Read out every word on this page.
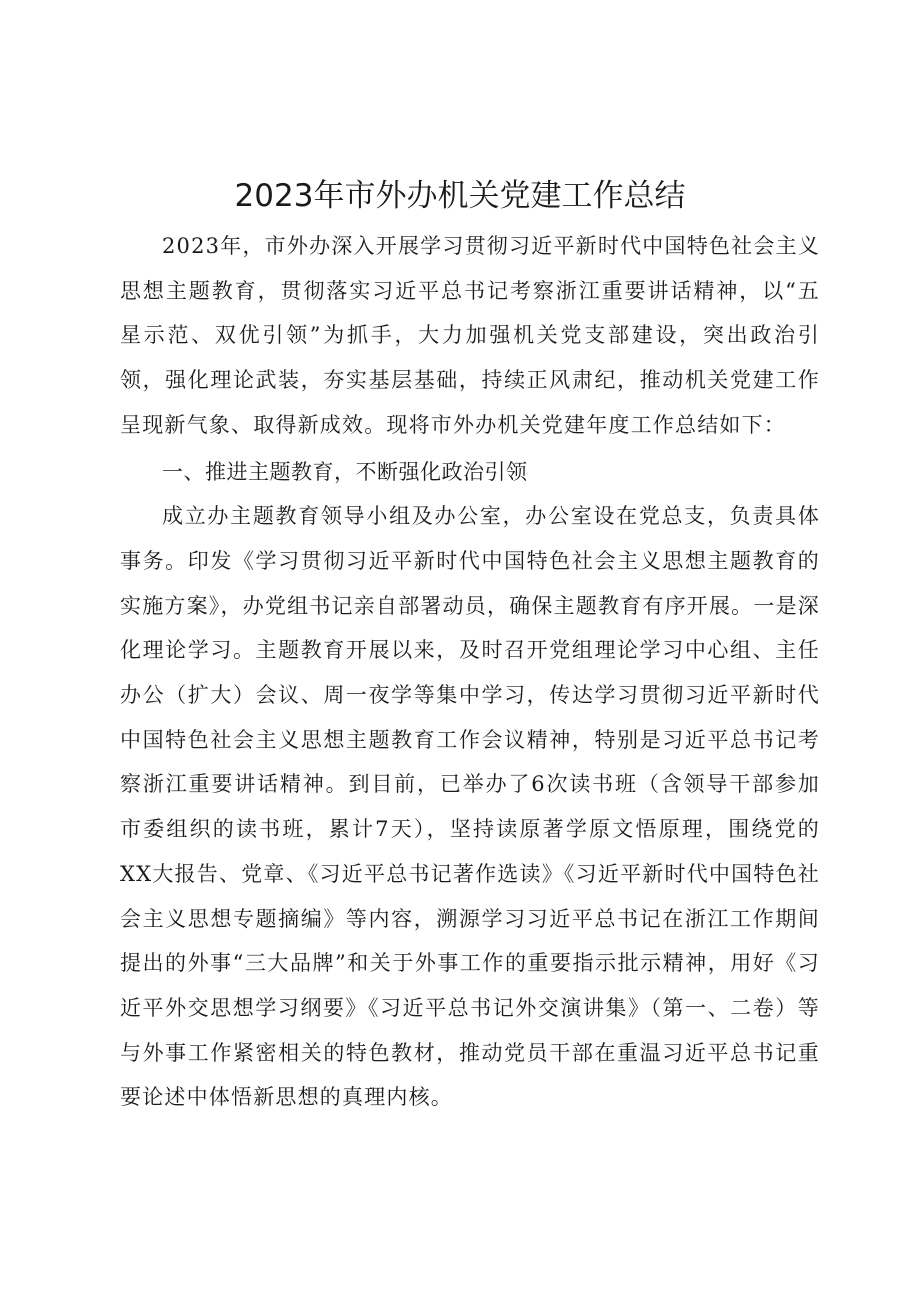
2023年市外办机关党建工作总结

2023年，市外办深入开展学习贯彻习近平新时代中国特色社会主义思想主题教育，贯彻落实习近平总书记考察浙江重要讲话精神，以“五星示范、双优引领”为抓手，大力加强机关党支部建设，突出政治引领，强化理论武装，夯实基层基础，持续正风肃纪，推动机关党建工作呈现新气象、取得新成效。现将市外办机关党建年度工作总结如下：

一、推进主题教育，不断强化政治引领

成立办主题教育领导小组及办公室，办公室设在党总支，负责具体事务。印发《学习贯彻习近平新时代中国特色社会主义思想主题教育的实施方案》，办党组书记亲自部署动员，确保主题教育有序开展。一是深化理论学习。主题教育开展以来，及时召开党组理论学习中心组、主任办公（扩大）会议、周一夜学等集中学习，传达学习贯彻习近平新时代中国特色社会主义思想主题教育工作会议精神，特别是习近平总书记考察浙江重要讲话精神。到目前，已举办了6次读书班（含领导干部参加市委组织的读书班，累计7天），坚持读原著学原文悟原理，围绕党的XX大报告、党章、《习近平总书记著作选读》《习近平新时代中国特色社会主义思想专题摘编》等内容，溯源学习习近平总书记在浙江工作期间提出的外事“三大品牌”和关于外事工作的重要指示批示精神，用好《习近平外交思想学习纲要》《习近平总书记外交演讲集》（第一、二卷）等与外事工作紧密相关的特色教材，推动党员干部在重温习近平总书记重要论述中体悟新思想的真理内核。
